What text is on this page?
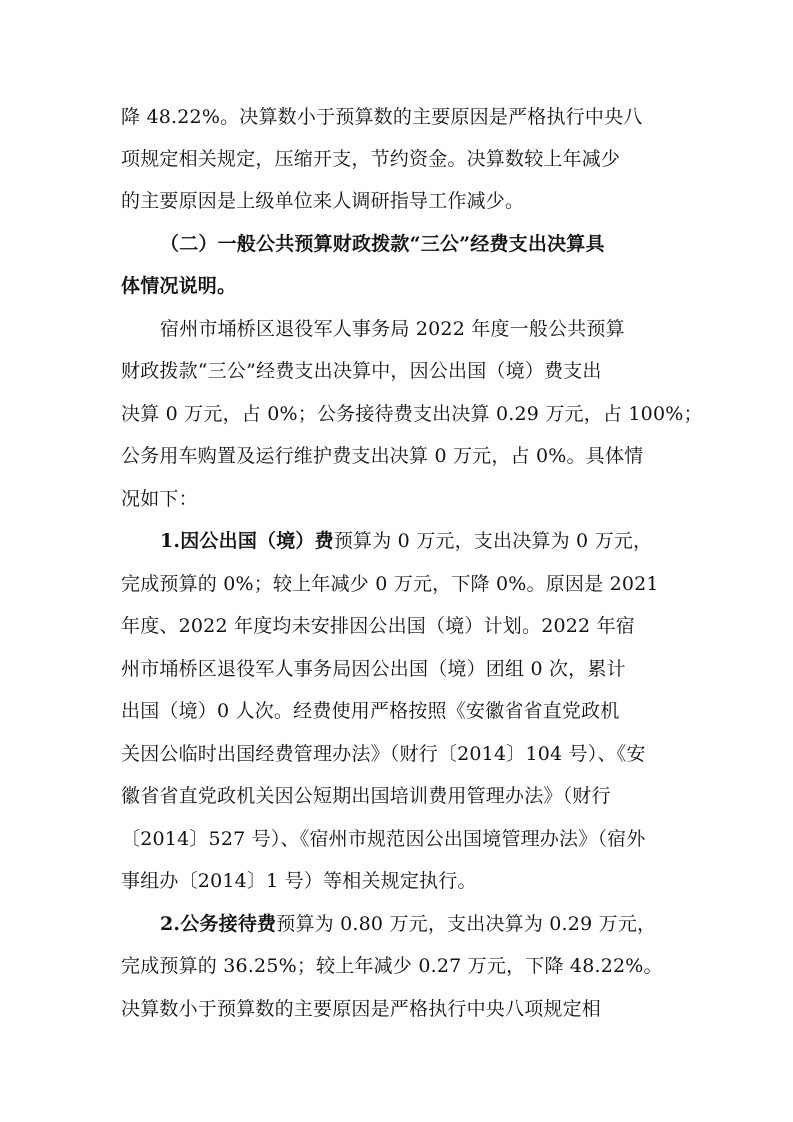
降 48.22%。决算数小于预算数的主要原因是严格执行中央八
项规定相关规定，压缩开支，节约资金。决算数较上年减少
的主要原因是上级单位来人调研指导工作减少。
（二）一般公共预算财政拨款“三公”经费支出决算具
体情况说明。
宿州市埇桥区退役军人事务局 2022 年度一般公共预算
财政拨款“三公”经费支出决算中，因公出国（境）费支出
决算 0 万元，占 0%；公务接待费支出决算 0.29 万元，占 100%；
公务用车购置及运行维护费支出决算 0 万元，占 0%。具体情
况如下：
1.因公出国（境）费预算为 0 万元，支出决算为 0 万元，
完成预算的 0%；较上年减少 0 万元，下降 0%。原因是 2021
年度、2022 年度均未安排因公出国（境）计划。2022 年宿
州市埇桥区退役军人事务局因公出国（境）团组 0 次，累计
出国（境）0 人次。经费使用严格按照《安徽省省直党政机
关因公临时出国经费管理办法》（财行〔2014〕104 号）、《安
徽省省直党政机关因公短期出国培训费用管理办法》（财行
〔2014〕527 号）、《宿州市规范因公出国境管理办法》（宿外
事组办〔2014〕1 号）等相关规定执行。
2.公务接待费预算为 0.80 万元，支出决算为 0.29 万元，
完成预算的 36.25%；较上年减少 0.27 万元，下降 48.22%。
决算数小于预算数的主要原因是严格执行中央八项规定相
